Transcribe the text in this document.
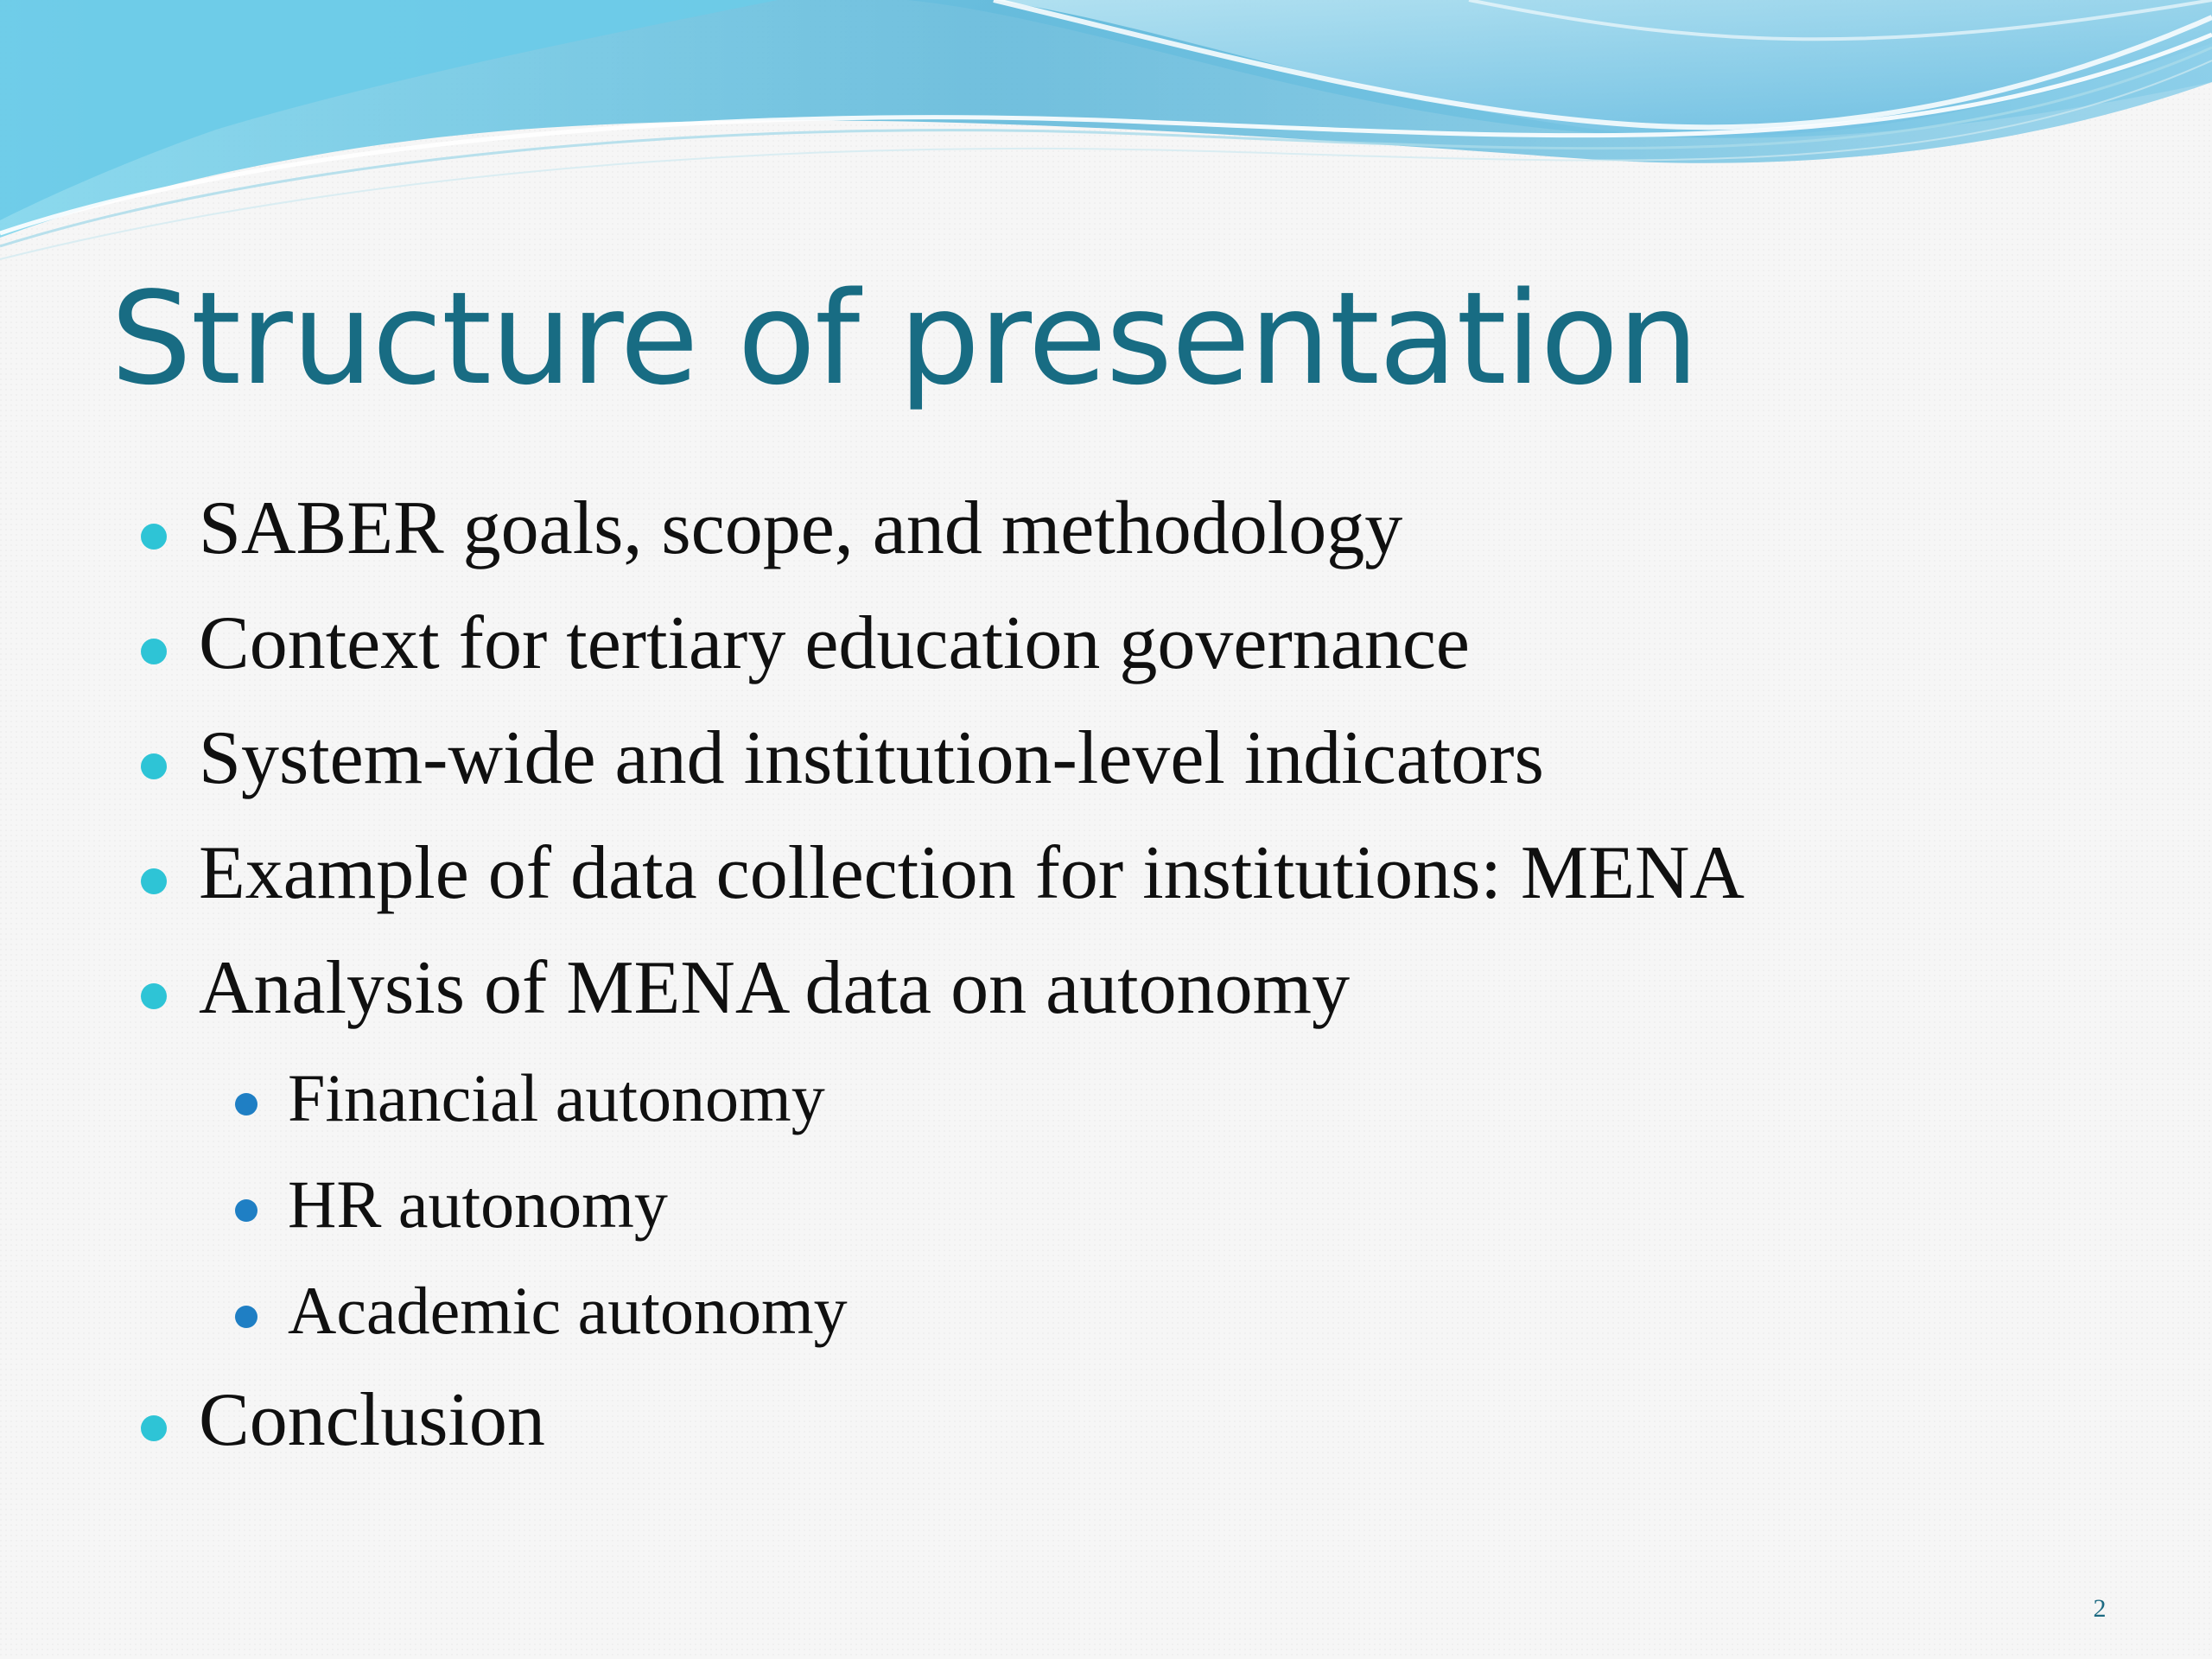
Structure of presentation
SABER goals, scope, and methodology
Context for tertiary education governance
System-wide and institution-level indicators
Example of data collection for institutions: MENA
Analysis of MENA data on autonomy
Financial autonomy
HR autonomy
Academic autonomy
Conclusion
2
